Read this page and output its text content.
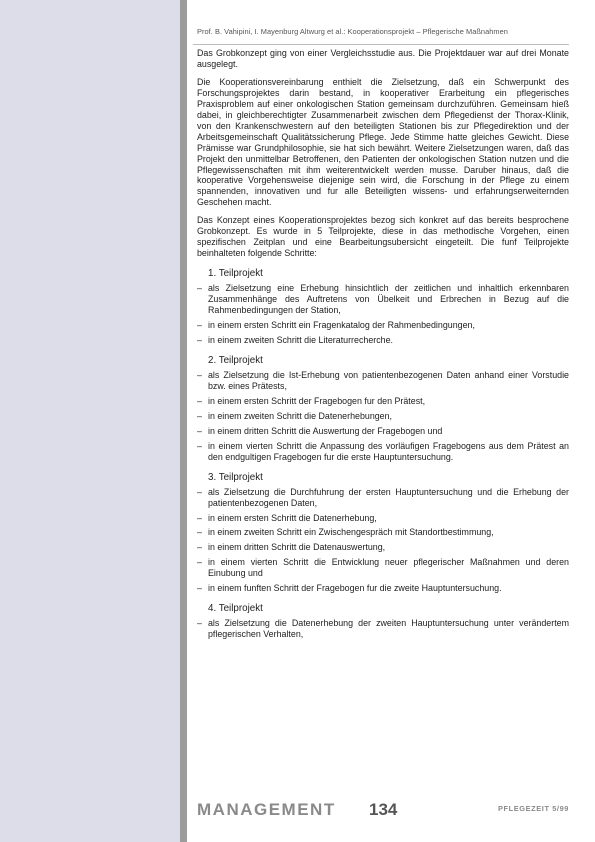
Prof. B. Vahipini, I. Mayenburg Altwurg et al.: Kooperationsprojekt – Pflegerische Maßnahmen

Das Grobkonzept ging von einer Vergleichsstudie aus. Die Projektdauer war auf drei Monate ausgelegt.

Die Kooperationsvereinbarung enthielt die Zielsetzung, daß ein Schwerpunkt des Forschungsprojektes darin bestand, in kooperativer Erarbeitung ein pflegerisches Praxisproblem auf einer onkologischen Station gemeinsam durchzuführen. Gemeinsam hieß dabei, in gleichberechtigter Zusammenarbeit zwischen dem Pflegedienst der Thorax-Klinik, von den Krankenschwestern auf den beteiligten Stationen bis zur Pflegedirektion und der Arbeitsgemeinschaft Qualitätssicherung Pflege. Jede Stimme hatte gleiches Gewicht. Diese Prämisse war Grundphilosophie, sie hat sich bewährt. Weitere Zielsetzungen waren, daß das Projekt den unmittelbar Betroffenen, den Patienten der onkologischen Station nutzen und die Pflegewissenschaften mit ihm weiterentwickelt werden musse. Daruber hinaus, daß die kooperative Vorgehensweise diejenige sein wird, die Forschung in der Pflege zu einem spannenden, innovativen und fur alle Beteiligten wissens- und erfahrungserweiternden Geschehen macht.

Das Konzept eines Kooperationsprojektes bezog sich konkret auf das bereits besprochene Grobkonzept. Es wurde in 5 Teilprojekte, diese in das methodische Vorgehen, einen spezifischen Zeitplan und eine Bearbeitungsubersicht eingeteilt. Die funf Teilprojekte beinhalteten folgende Schritte:

1. Teilprojekt
– als Zielsetzung eine Erhebung hinsichtlich der zeitlichen und inhaltlich erkennbaren Zusammenhänge des Auftretens von Übelkeit und Erbrechen in Bezug auf die Rahmenbedingungen der Station,
– in einem ersten Schritt ein Fragenkatalog der Rahmenbedingungen,
– in einem zweiten Schritt die Literaturrecherche.
2. Teilprojekt
– als Zielsetzung die Ist-Erhebung von patientenbezogenen Daten anhand einer Vorstudie bzw. eines Prätests,
– in einem ersten Schritt der Fragebogen fur den Prätest,
– in einem zweiten Schritt die Datenerhebungen,
– in einem dritten Schritt die Auswertung der Fragebogen und
– in einem vierten Schritt die Anpassung des vorläufigen Fragebogens aus dem Prätest an den endgultigen Fragebogen fur die erste Hauptuntersuchung.
3. Teilprojekt
– als Zielsetzung die Durchfuhrung der ersten Hauptuntersuchung und die Erhebung der patientenbezogenen Daten,
– in einem ersten Schritt die Datenerhebung,
– in einem zweiten Schritt ein Zwischengespräch mit Standortbestimmung,
– in einem dritten Schritt die Datenauswertung,
– in einem vierten Schritt die Entwicklung neuer pflegerischer Maßnahmen und deren Einubung und
– in einem funften Schritt der Fragebogen fur die zweite Hauptuntersuchung.
4. Teilprojekt
– als Zielsetzung die Datenerhebung der zweiten Hauptuntersuchung unter verändertem pflegerischen Verhalten,
MANAGEMENT 134	PFLEGEZEIT 5/99
